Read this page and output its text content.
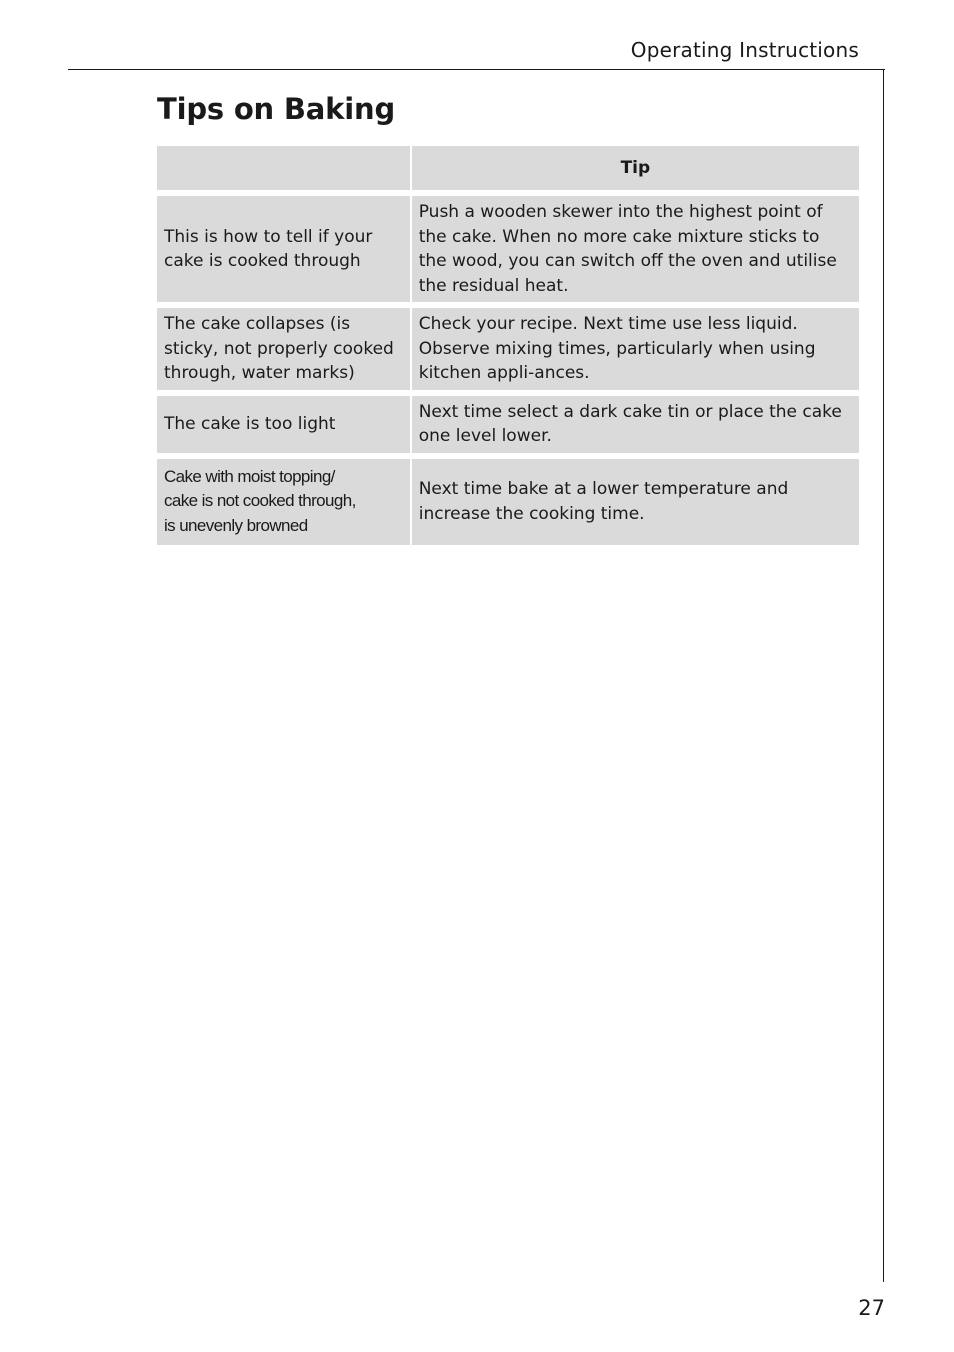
Operating Instructions
Tips on Baking
	Tip
This is how to tell if your cake is cooked through	Push a wooden skewer into the highest point of the cake. When no more cake mixture sticks to the wood, you can switch off the oven and utilise the residual heat.
The cake collapses (is sticky, not properly cooked through, water marks)	Check your recipe. Next time use less liquid. Observe mixing times, particularly when using kitchen appli-ances.
The cake is too light	Next time select a dark cake tin or place the cake one level lower.
Cake with moist topping/
cake is not cooked through,
is unevenly browned	Next time bake at a lower temperature and increase the cooking time.
27
